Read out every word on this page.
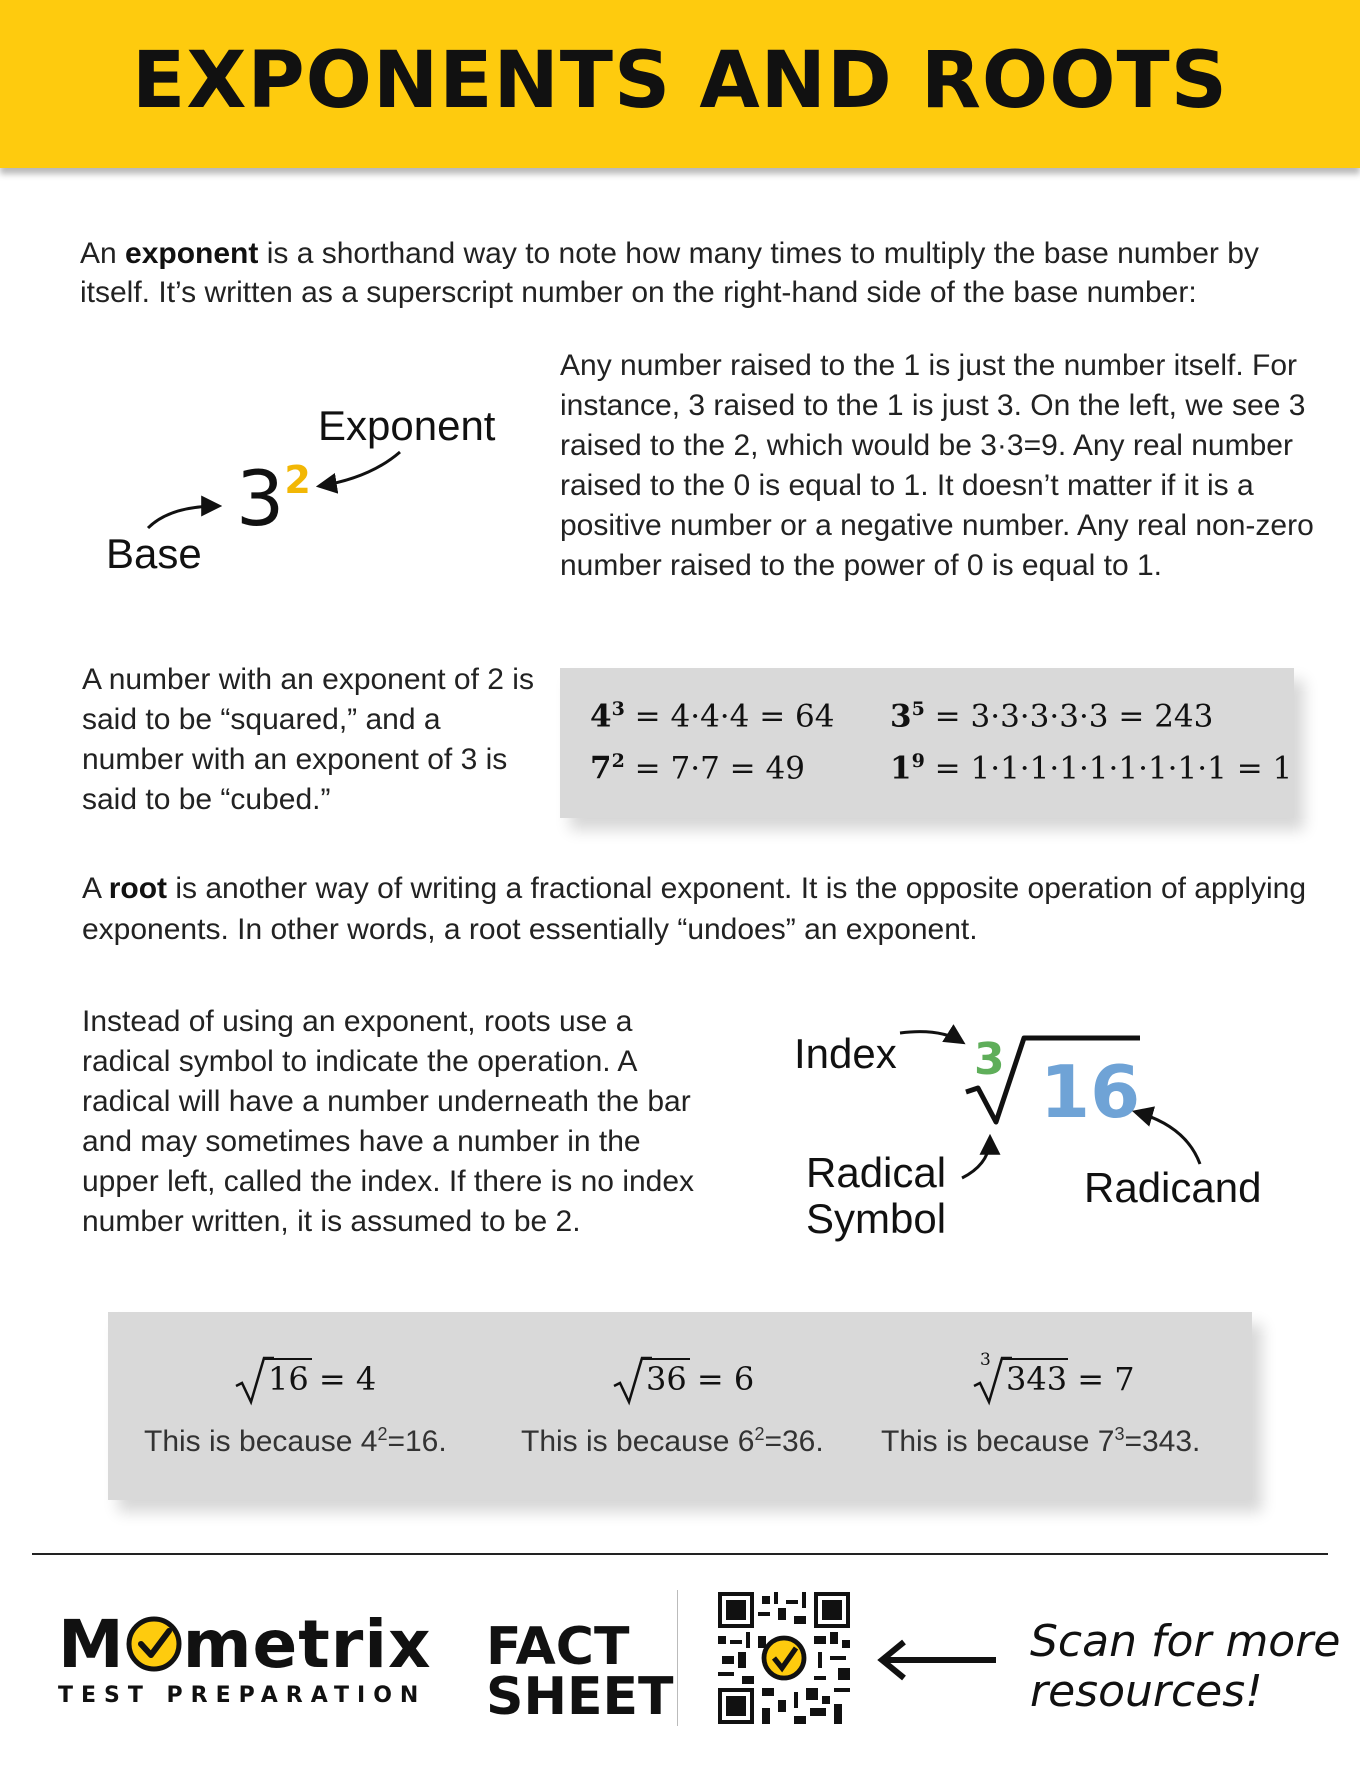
EXPONENTS AND ROOTS
An exponent is a shorthand way to note how many times to multiply the base number by itself. It’s written as a superscript number on the right-hand side of the base number:
Exponent
Base
$3^2$
Any number raised to the 1 is just the number itself. For instance, 3 raised to the 1 is just 3. On the left, we see 3 raised to the 2, which would be 3·3=9. Any real number raised to the 0 is equal to 1. It doesn’t matter if it is a positive number or a negative number. Any real non-zero number raised to the power of 0 is equal to 1.
A number with an exponent of 2 is said to be “squared,” and a number with an exponent of 3 is said to be “cubed.”
$4^3 = 4\cdot 4\cdot 4 = 64$ $3^5 = 3\cdot 3\cdot 3\cdot 3\cdot 3 = 243$
$7^2 = 7\cdot 7 = 49$	$1^9 = 1\cdot 1\cdot 1\cdot 1\cdot 1\cdot 1\cdot 1\cdot 1\cdot 1 = 1$
A root is another way of writing a fractional exponent. It is the opposite operation of applying exponents. In other words, a root essentially “undoes” an exponent.
Instead of using an exponent, roots use a radical symbol to indicate the operation. A radical will have a number underneath the bar and may sometimes have a number in the upper left, called the index. If there is no index number written, it is assumed to be 2.
Index
Radical
Symbol
Radicand
3 16
16 = 4
This is because $4^2=16$.
36 = 6
This is because $6^2=36$.
3 343 = 7
This is because $7^3=343$.
M metrix
TEST PREPARATION
FACT
SHEET
Scan for more
resources!
